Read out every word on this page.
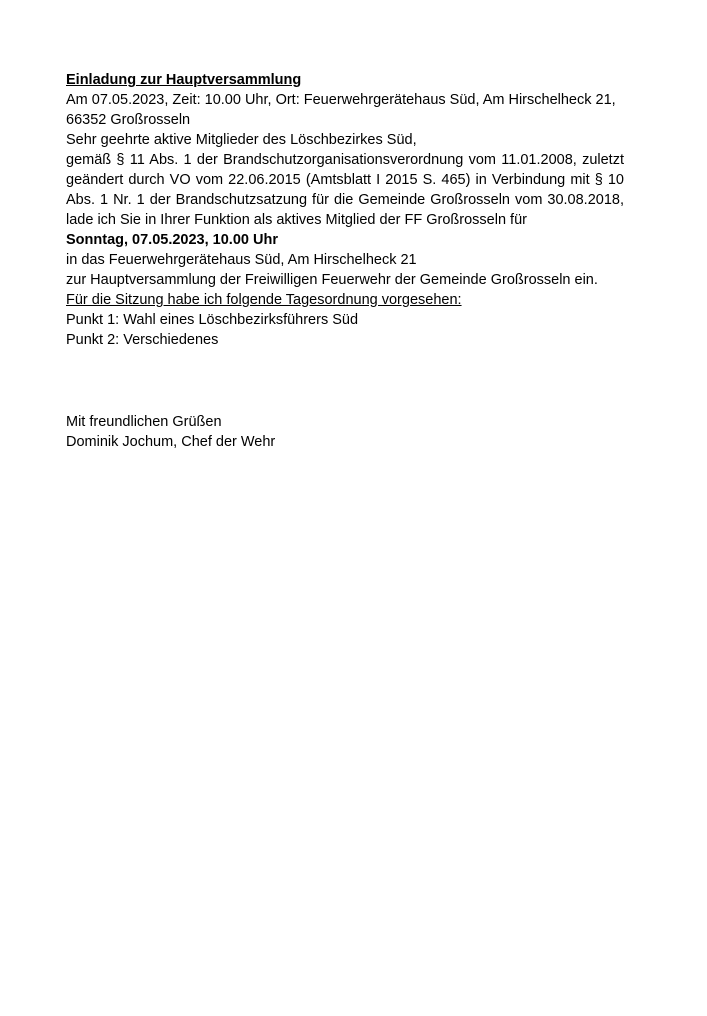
Einladung zur Hauptversammlung

Am 07.05.2023, Zeit: 10.00 Uhr, Ort: Feuerwehrgerätehaus Süd, Am Hirschelheck 21, 66352 Großrosseln

Sehr geehrte aktive Mitglieder des Löschbezirkes Süd,

gemäß § 11 Abs. 1 der Brandschutzorganisationsverordnung vom 11.01.2008, zuletzt geändert durch VO vom 22.06.2015 (Amtsblatt I 2015 S. 465) in Verbindung mit § 10 Abs. 1 Nr. 1 der Brandschutzsatzung für die Gemeinde Großrosseln vom 30.08.2018, lade ich Sie in Ihrer Funktion als aktives Mitglied der FF Großrosseln für

Sonntag, 07.05.2023, 10.00 Uhr

in das Feuerwehrgerätehaus Süd, Am Hirschelheck 21

zur Hauptversammlung der Freiwilligen Feuerwehr der Gemeinde Großrosseln ein.

Für die Sitzung habe ich folgende Tagesordnung vorgesehen:

Punkt 1: Wahl eines Löschbezirksführers Süd

Punkt 2: Verschiedenes

Mit freundlichen Grüßen

Dominik Jochum, Chef der Wehr
